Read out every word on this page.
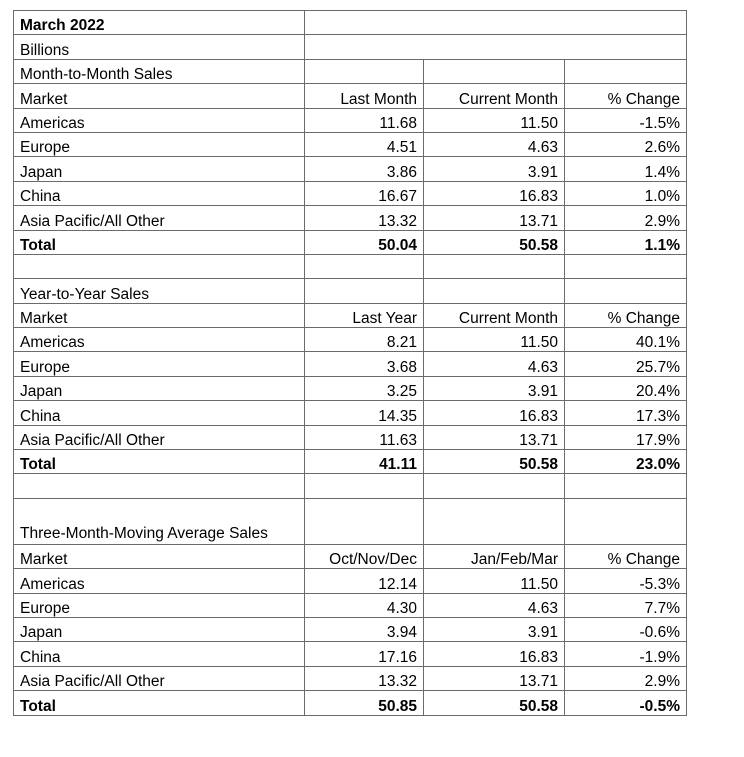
March 2022			
Billions			
Month-to-Month Sales			
Market	Last Month	Current Month	% Change
Americas	11.68	11.50	-1.5%
Europe	4.51	4.63	2.6%
Japan	3.86	3.91	1.4%
China	16.67	16.83	1.0%
Asia Pacific/All Other	13.32	13.71	2.9%
Total	50.04	50.58	1.1%

Year-to-Year Sales			
Market	Last Year	Current Month	% Change
Americas	8.21	11.50	40.1%
Europe	3.68	4.63	25.7%
Japan	3.25	3.91	20.4%
China	14.35	16.83	17.3%
Asia Pacific/All Other	11.63	13.71	17.9%
Total	41.11	50.58	23.0%

Three-Month-Moving Average Sales			
Market	Oct/Nov/Dec	Jan/Feb/Mar	% Change
Americas	12.14	11.50	-5.3%
Europe	4.30	4.63	7.7%
Japan	3.94	3.91	-0.6%
China	17.16	16.83	-1.9%
Asia Pacific/All Other	13.32	13.71	2.9%
Total	50.85	50.58	-0.5%
